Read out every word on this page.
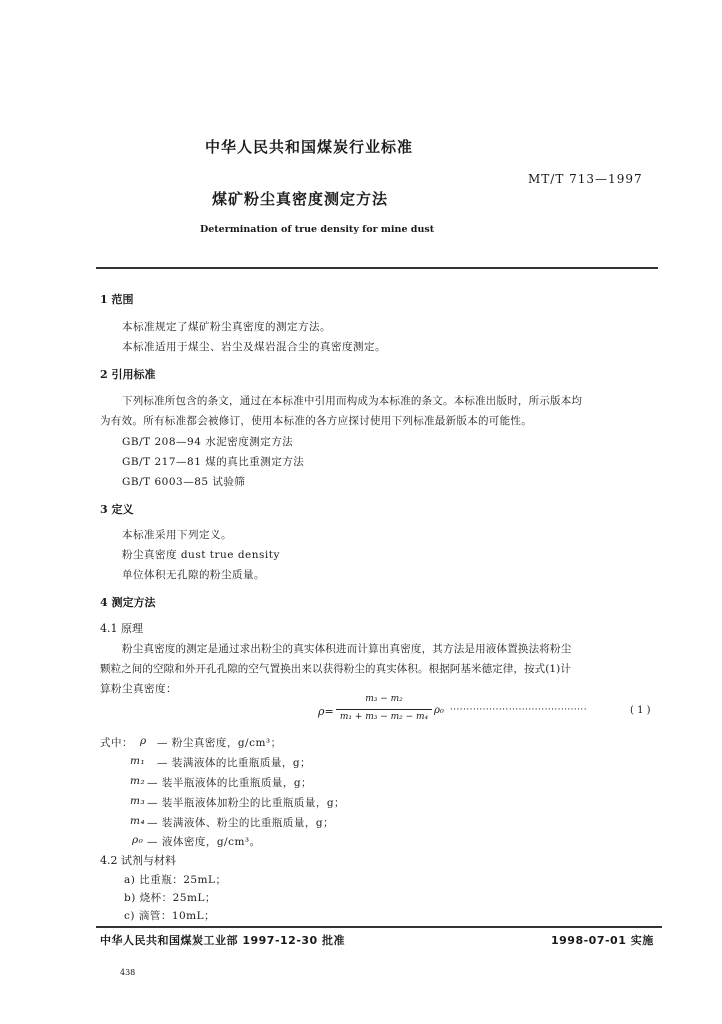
中华人民共和国煤炭行业标准
MT/T 713—1997
煤矿粉尘真密度测定方法
Determination of true density for mine dust
1 范围
本标准规定了煤矿粉尘真密度的测定方法。
本标准适用于煤尘、岩尘及煤岩混合尘的真密度测定。
2 引用标准
下列标准所包含的条文，通过在本标准中引用而构成为本标准的条文。本标准出版时，所示版本均
为有效。所有标准都会被修订，使用本标准的各方应探讨使用下列标准最新版本的可能性。
GB/T 208—94 水泥密度测定方法
GB/T 217—81 煤的真比重测定方法
GB/T 6003—85 试验筛
3 定义
本标准采用下列定义。
粉尘真密度 dust true density
单位体积无孔隙的粉尘质量。
4 测定方法
4.1 原理
粉尘真密度的测定是通过求出粉尘的真实体积进而计算出真密度，其方法是用液体置换法将粉尘
颗粒之间的空隙和外开孔孔隙的空气置换出来以获得粉尘的真实体积。根据阿基米德定律，按式(1)计
算粉尘真密度：
ρ=
m₃ − m₂
m₁ + m₃ − m₂ − m₄
ρ₀ ··········································	( 1 )
式中： ρ — 粉尘真密度，g/cm³；
m₁ — 装满液体的比重瓶质量，g；
m₂ — 装半瓶液体的比重瓶质量，g；
m₃ — 装半瓶液体加粉尘的比重瓶质量，g；
m₄ — 装满液体、粉尘的比重瓶质量，g；
ρ₀ — 液体密度，g/cm³。
4.2 试剂与材料
a) 比重瓶：25mL；
b) 烧杯：25mL；
c) 滴管：10mL；
中华人民共和国煤炭工业部 1997-12-30 批准	1998-07-01 实施
438
